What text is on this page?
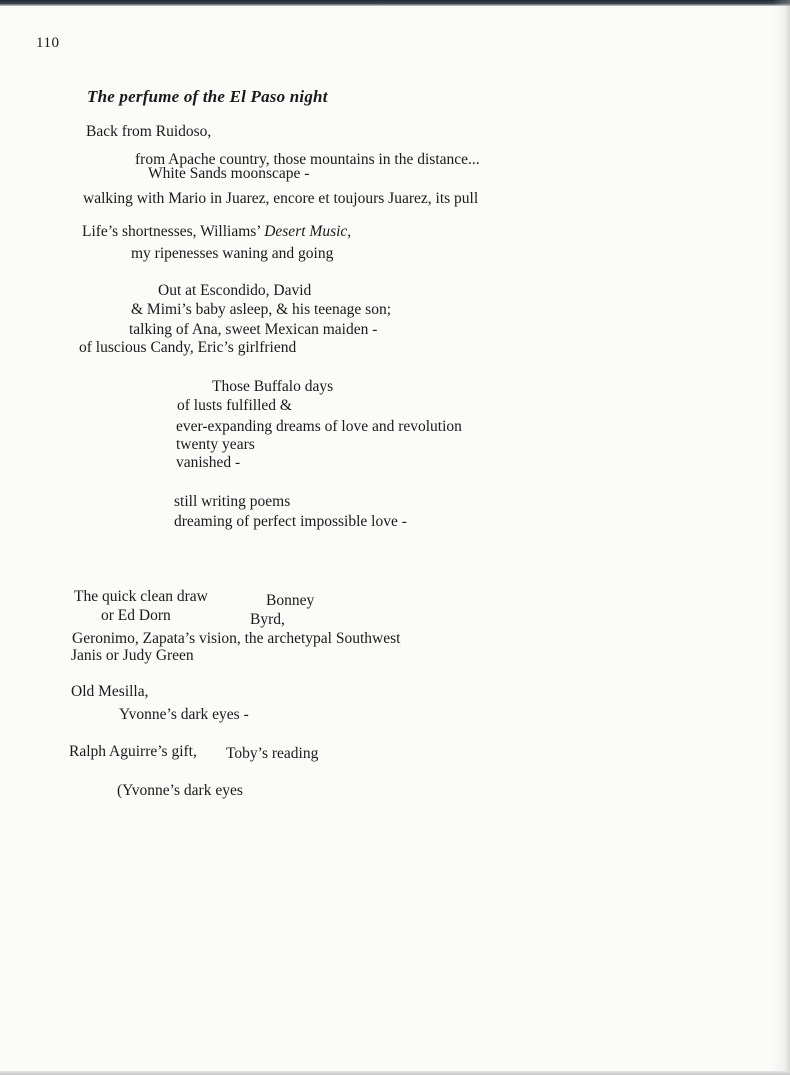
110
The perfume of the El Paso night
Back from Ruidoso,
from Apache country, those mountains in the distance...
White Sands moonscape -
walking with Mario in Juarez, encore et toujours Juarez, its pull
Life’s shortnesses, Williams’ Desert Music,
my ripenesses waning and going
Out at Escondido, David
& Mimi’s baby asleep, & his teenage son;
talking of Ana, sweet Mexican maiden -
of luscious Candy, Eric’s girlfriend
Those Buffalo days
of lusts fulfilled &
ever-expanding dreams of love and revolution
twenty years
vanished -
still writing poems
dreaming of perfect impossible love -
The quick clean draw	Bonney
or Ed Dorn	Byrd,
Geronimo, Zapata’s vision, the archetypal Southwest
Janis or Judy Green
Old Mesilla,
Yvonne’s dark eyes -
Ralph Aguirre’s gift, Toby’s reading
(Yvonne’s dark eyes
